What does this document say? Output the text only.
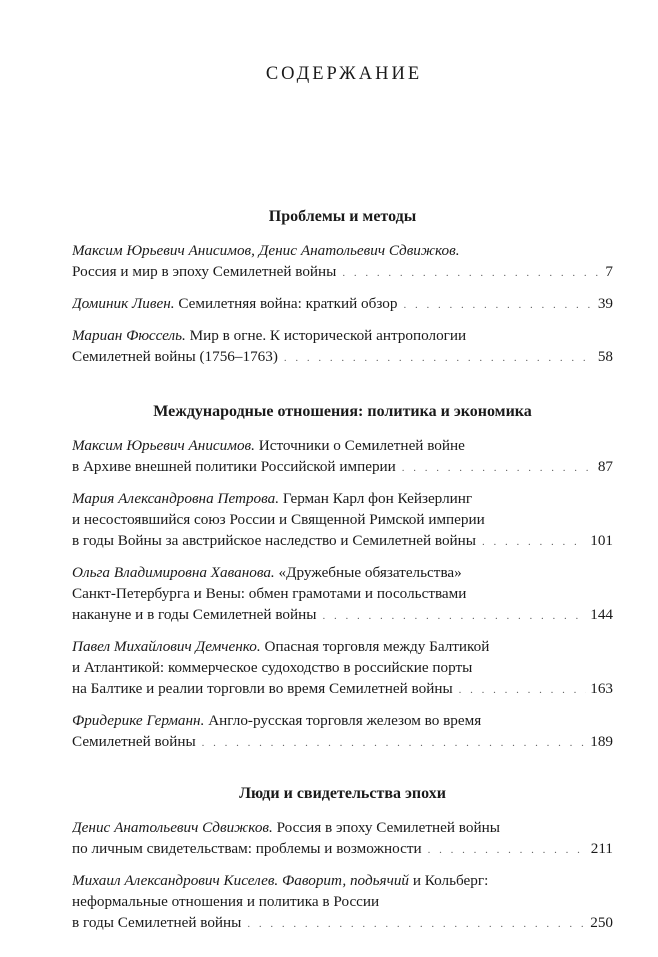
СОДЕРЖАНИЕ
Проблемы и методы
Максим Юрьевич Анисимов, Денис Анатольевич Сдвижков.
Россия и мир в эпоху Семилетней войны . . .	7
Доминик Ливен. Семилетняя война: краткий обзор . . .	39
Мариан Фюссель. Мир в огне. К исторической антропологии
Семилетней войны (1756–1763) . . .	58
Международные отношения: политика и экономика
Максим Юрьевич Анисимов. Источники о Семилетней войне
в Архиве внешней политики Российской империи . . .	87
Мария Александровна Петрова. Герман Карл фон Кейзерлинг
и несостоявшийся союз России и Священной Римской империи
в годы Войны за австрийское наследство и Семилетней войны . . .	101
Ольга Владимировна Хаванова. «Дружебные обязательства»
Санкт-Петербурга и Вены: обмен грамотами и посольствами
накануне и в годы Семилетней войны . . .	144
Павел Михайлович Демченко. Опасная торговля между Балтикой
и Атлантикой: коммерческое судоходство в российские порты
на Балтике и реалии торговли во время Семилетней войны . . .	163
Фридерике Германн. Англо-русская торговля железом во время
Семилетней войны . . .	189
Люди и свидетельства эпохи
Денис Анатольевич Сдвижков. Россия в эпоху Семилетней войны
по личным свидетельствам: проблемы и возможности . . .	211
Михаил Александрович Киселев. Фаворит, подьячий и Кольберг:
неформальные отношения и политика в России
в годы Семилетней войны . . .	250
